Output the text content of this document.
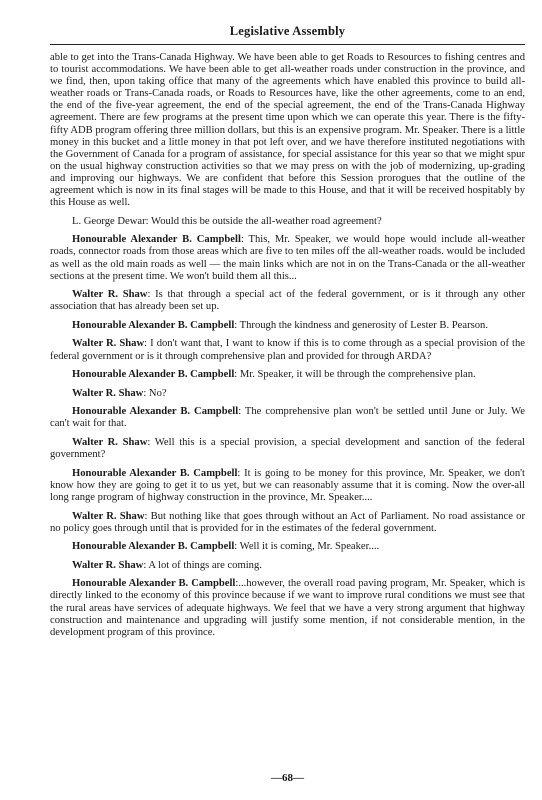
Legislative Assembly

able to get into the Trans-Canada Highway. We have been able to get Roads to Resources to fishing centres and to tourist accommodations. We have been able to get all-weather roads under construction in the province, and we find, then, upon taking office that many of the agreements which have enabled this province to build all-weather roads or Trans-Canada roads, or Roads to Resources have, like the other agreements, come to an end, the end of the five-year agreement, the end of the special agreement, the end of the Trans-Canada Highway agreement. There are few programs at the present time upon which we can operate this year. There is the fifty-fifty ADB program offering three million dollars, but this is an expensive program. Mr. Speaker. There is a little money in this bucket and a little money in that pot left over, and we have therefore instituted negotiations with the Government of Canada for a program of assistance, for special assistance for this year so that we might spur on the usual highway construction activities so that we may press on with the job of modernizing, up-grading and improving our highways. We are confident that before this Session prorogues that the outline of the agreement which is now in its final stages will be made to this House, and that it will be received hospitably by this House as well.

L. George Dewar: Would this be outside the all-weather road agreement?

Honourable Alexander B. Campbell: This, Mr. Speaker, we would hope would include all-weather roads, connector roads from those areas which are five to ten miles off the all-weather roads. would be included as well as the old main roads as well — the main links which are not in on the Trans-Canada or the all-weather sections at the present time. We won't build them all this...

Walter R. Shaw: Is that through a special act of the federal government, or is it through any other association that has already been set up.

Honourable Alexander B. Campbell: Through the kindness and generosity of Lester B. Pearson.

Walter R. Shaw: I don't want that, I want to know if this is to come through as a special provision of the federal government or is it through comprehensive plan and provided for through ARDA?

Honourable Alexander B. Campbell: Mr. Speaker, it will be through the comprehensive plan.

Walter R. Shaw: No?

Honourable Alexander B. Campbell: The comprehensive plan won't be settled until June or July. We can't wait for that.

Walter R. Shaw: Well this is a special provision, a special development and sanction of the federal government?

Honourable Alexander B. Campbell: It is going to be money for this province, Mr. Speaker, we don't know how they are going to get it to us yet, but we can reasonably assume that it is coming. Now the over-all long range program of highway construction in the province, Mr. Speaker....

Walter R. Shaw: But nothing like that goes through without an Act of Parliament. No road assistance or no policy goes through until that is provided for in the estimates of the federal government.

Honourable Alexander B. Campbell: Well it is coming, Mr. Speaker....

Walter R. Shaw: A lot of things are coming.

Honourable Alexander B. Campbell:...however, the overall road paving program, Mr. Speaker, which is directly linked to the economy of this province because if we want to improve rural conditions we must see that the rural areas have services of adequate highways. We feel that we have a very strong argument that highway construction and maintenance and upgrading will justify some mention, if not considerable mention, in the development program of this province.

—68—
